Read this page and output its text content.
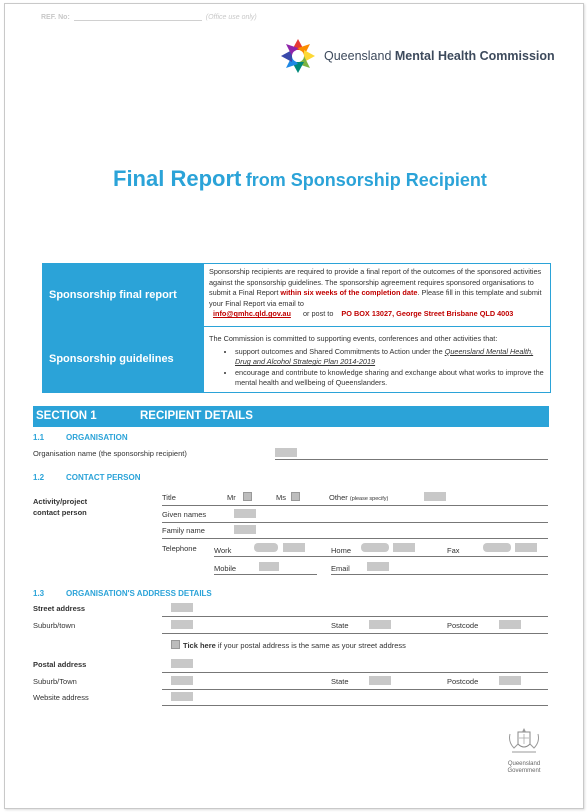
REF. No:	(Office use only)
Queensland Mental Health Commission
Final Report from Sponsorship Recipient
Sponsorship final report
Sponsorship recipients are required to provide a final report of the outcomes of the sponsored activities against the sponsorship guidelines. The sponsorship agreement requires sponsored organisations to submit a Final Report within six weeks of the completion date. Please fill in this template and submit your Final Report via email to
info@qmhc.qld.gov.au or post to PO BOX 13027, George Street Brisbane QLD 4003
Sponsorship guidelines
The Commission is committed to supporting events, conferences and other activities that:
• support outcomes and Shared Commitments to Action under the Queensland Mental Health, Drug and Alcohol Strategic Plan 2014-2019
• encourage and contribute to knowledge sharing and exchange about what works to improve the mental health and wellbeing of Queenslanders.
SECTION 1	RECIPIENT DETAILS
1.1	ORGANISATION
Organisation name (the sponsorship recipient)
1.2	CONTACT PERSON
Activity/project
contact person
Title	Mr	Ms	Other (please specify)
Given names
Family name
Telephone Work	Home	Fax
Mobile	Email
1.3	ORGANISATION'S ADDRESS DETAILS
Street address
Suburb/town	State	Postcode
Tick here if your postal address is the same as your street address
Postal address
Suburb/Town	State	Postcode
Website address
Queensland
Government
